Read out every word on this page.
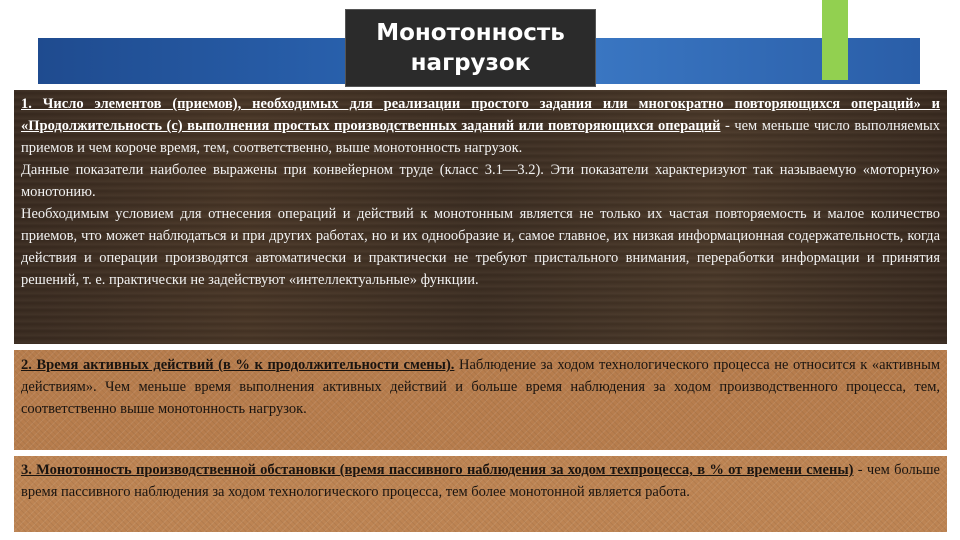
Монотонность нагрузок

1. Число элементов (приемов), необходимых для реализации простого задания или многократно повторяющихся операций» и «Продолжительность (с) выполнения простых производственных заданий или повторяющихся операций - чем меньше число выполняемых приемов и чем короче время, тем, соответственно, выше монотонность нагрузок.

Данные показатели наиболее выражены при конвейерном труде (класс 3.1—3.2). Эти показатели характеризуют так называемую «моторную» монотонию.

Необходимым условием для отнесения операций и действий к монотонным является не только их частая повторяемость и малое количество приемов, что может наблюдаться и при других работах, но и их однообразие и, самое главное, их низкая информационная содержательность, когда действия и операции производятся автоматически и практически не требуют пристального внимания, переработки информации и принятия решений, т. е. практически не задействуют «интеллектуальные» функции.

2. Время активных действий (в % к продолжительности смены). Наблюдение за ходом технологического процесса не относится к «активным действиям». Чем меньше время выполнения активных действий и больше время наблюдения за ходом производственного процесса, тем, соответственно выше монотонность нагрузок.

3. Монотонность производственной обстановки (время пассивного наблюдения за ходом техпроцесса, в % от времени смены) - чем больше время пассивного наблюдения за ходом технологического процесса, тем более монотонной является работа.
